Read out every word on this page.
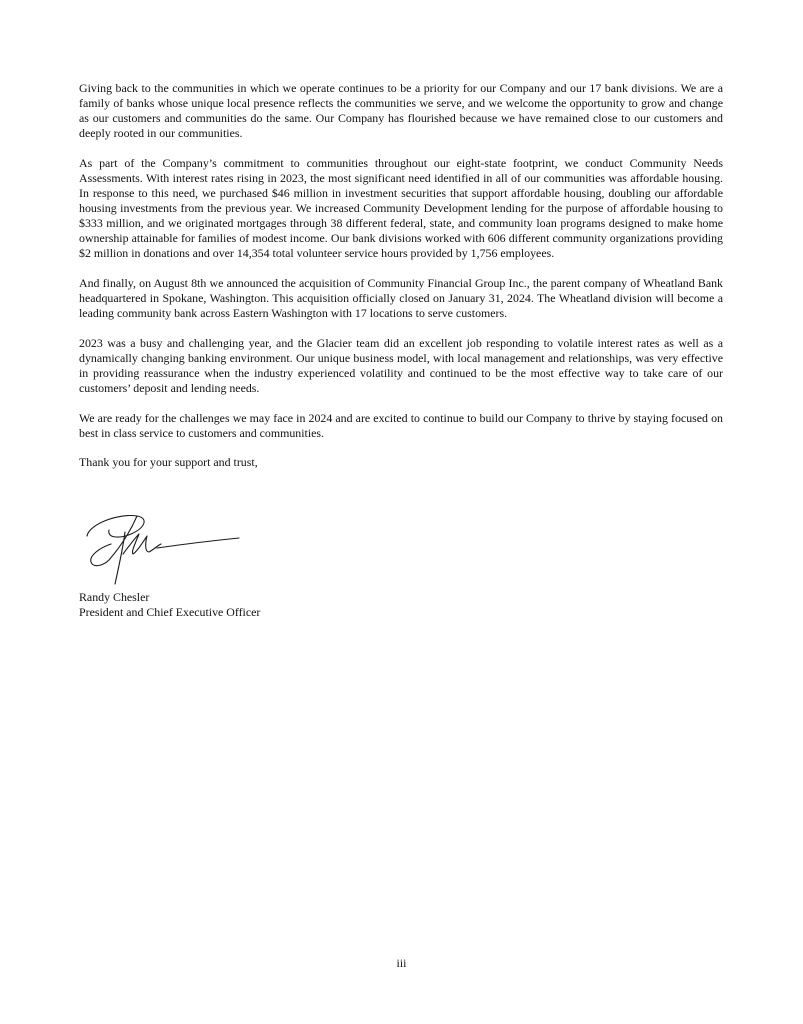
Giving back to the communities in which we operate continues to be a priority for our Company and our 17 bank divisions. We are a family of banks whose unique local presence reflects the communities we serve, and we welcome the opportunity to grow and change as our customers and communities do the same. Our Company has flourished because we have remained close to our customers and deeply rooted in our communities.

As part of the Company’s commitment to communities throughout our eight-state footprint, we conduct Community Needs Assessments. With interest rates rising in 2023, the most significant need identified in all of our communities was affordable housing. In response to this need, we purchased $46 million in investment securities that support affordable housing, doubling our affordable housing investments from the previous year. We increased Community Development lending for the purpose of affordable housing to $333 million, and we originated mortgages through 38 different federal, state, and community loan programs designed to make home ownership attainable for families of modest income. Our bank divisions worked with 606 different community organizations providing $2 million in donations and over 14,354 total volunteer service hours provided by 1,756 employees.

And finally, on August 8th we announced the acquisition of Community Financial Group Inc., the parent company of Wheatland Bank headquartered in Spokane, Washington. This acquisition officially closed on January 31, 2024. The Wheatland division will become a leading community bank across Eastern Washington with 17 locations to serve customers.

2023 was a busy and challenging year, and the Glacier team did an excellent job responding to volatile interest rates as well as a dynamically changing banking environment. Our unique business model, with local management and relationships, was very effective in providing reassurance when the industry experienced volatility and continued to be the most effective way to take care of our customers’ deposit and lending needs.

We are ready for the challenges we may face in 2024 and are excited to continue to build our Company to thrive by staying focused on best in class service to customers and communities.

Thank you for your support and trust,

Randy Chesler
President and Chief Executive Officer
iii
